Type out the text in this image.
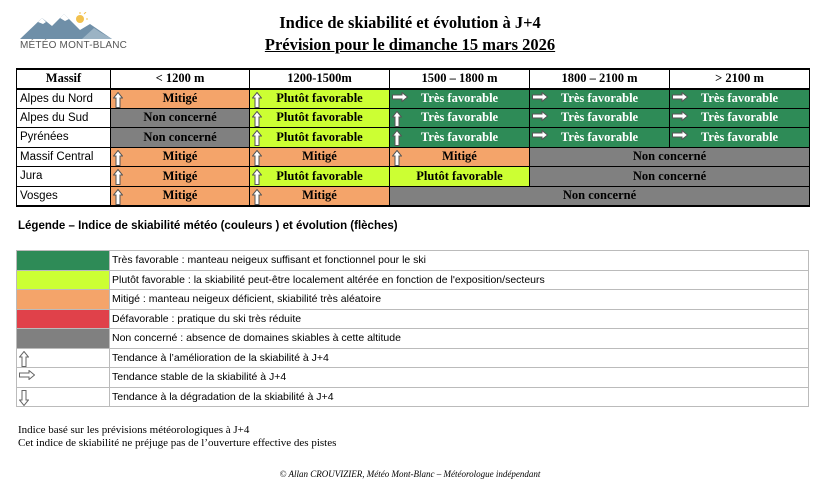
MÉTÉO MONT-BLANC
Indice de skiabilité et évolution à J+4
Prévision pour le dimanche 15 mars 2026
Massif	< 1200 m	1200-1500m	1500 – 1800 m	1800 – 2100 m	> 2100 m
Alpes du Nord	Mitigé	Plutôt favorable	Très favorable	Très favorable	Très favorable
Alpes du Sud	Non concerné	Plutôt favorable	Très favorable	Très favorable	Très favorable
Pyrénées	Non concerné	Plutôt favorable	Très favorable	Très favorable	Très favorable
Massif Central	Mitigé	Mitigé	Mitigé	Non concerné	
Jura	Mitigé	Plutôt favorable	Plutôt favorable	Non concerné	
Vosges	Mitigé	Mitigé	Non concerné		
Légende – Indice de skiabilité météo (couleurs ) et évolution (flèches)
	Très favorable : manteau neigeux suffisant et fonctionnel pour le ski
	Plutôt favorable : la skiabilité peut-être localement altérée en fonction de l'exposition/secteurs
	Mitigé : manteau neigeux déficient, skiabilité très aléatoire
	Défavorable : pratique du ski très réduite
	Non concerné : absence de domaines skiables à cette altitude

	Tendance à l’amélioration de la skiabilité à J+4

	Tendance stable de la skiabilité à J+4

	Tendance à la dégradation de la skiabilité à J+4
Indice basé sur les prévisions météorologiques à J+4
Cet indice de skiabilité ne préjuge pas de l’ouverture effective des pistes
© Allan CROUVIZIER, Météo Mont-Blanc – Météorologue indépendant
